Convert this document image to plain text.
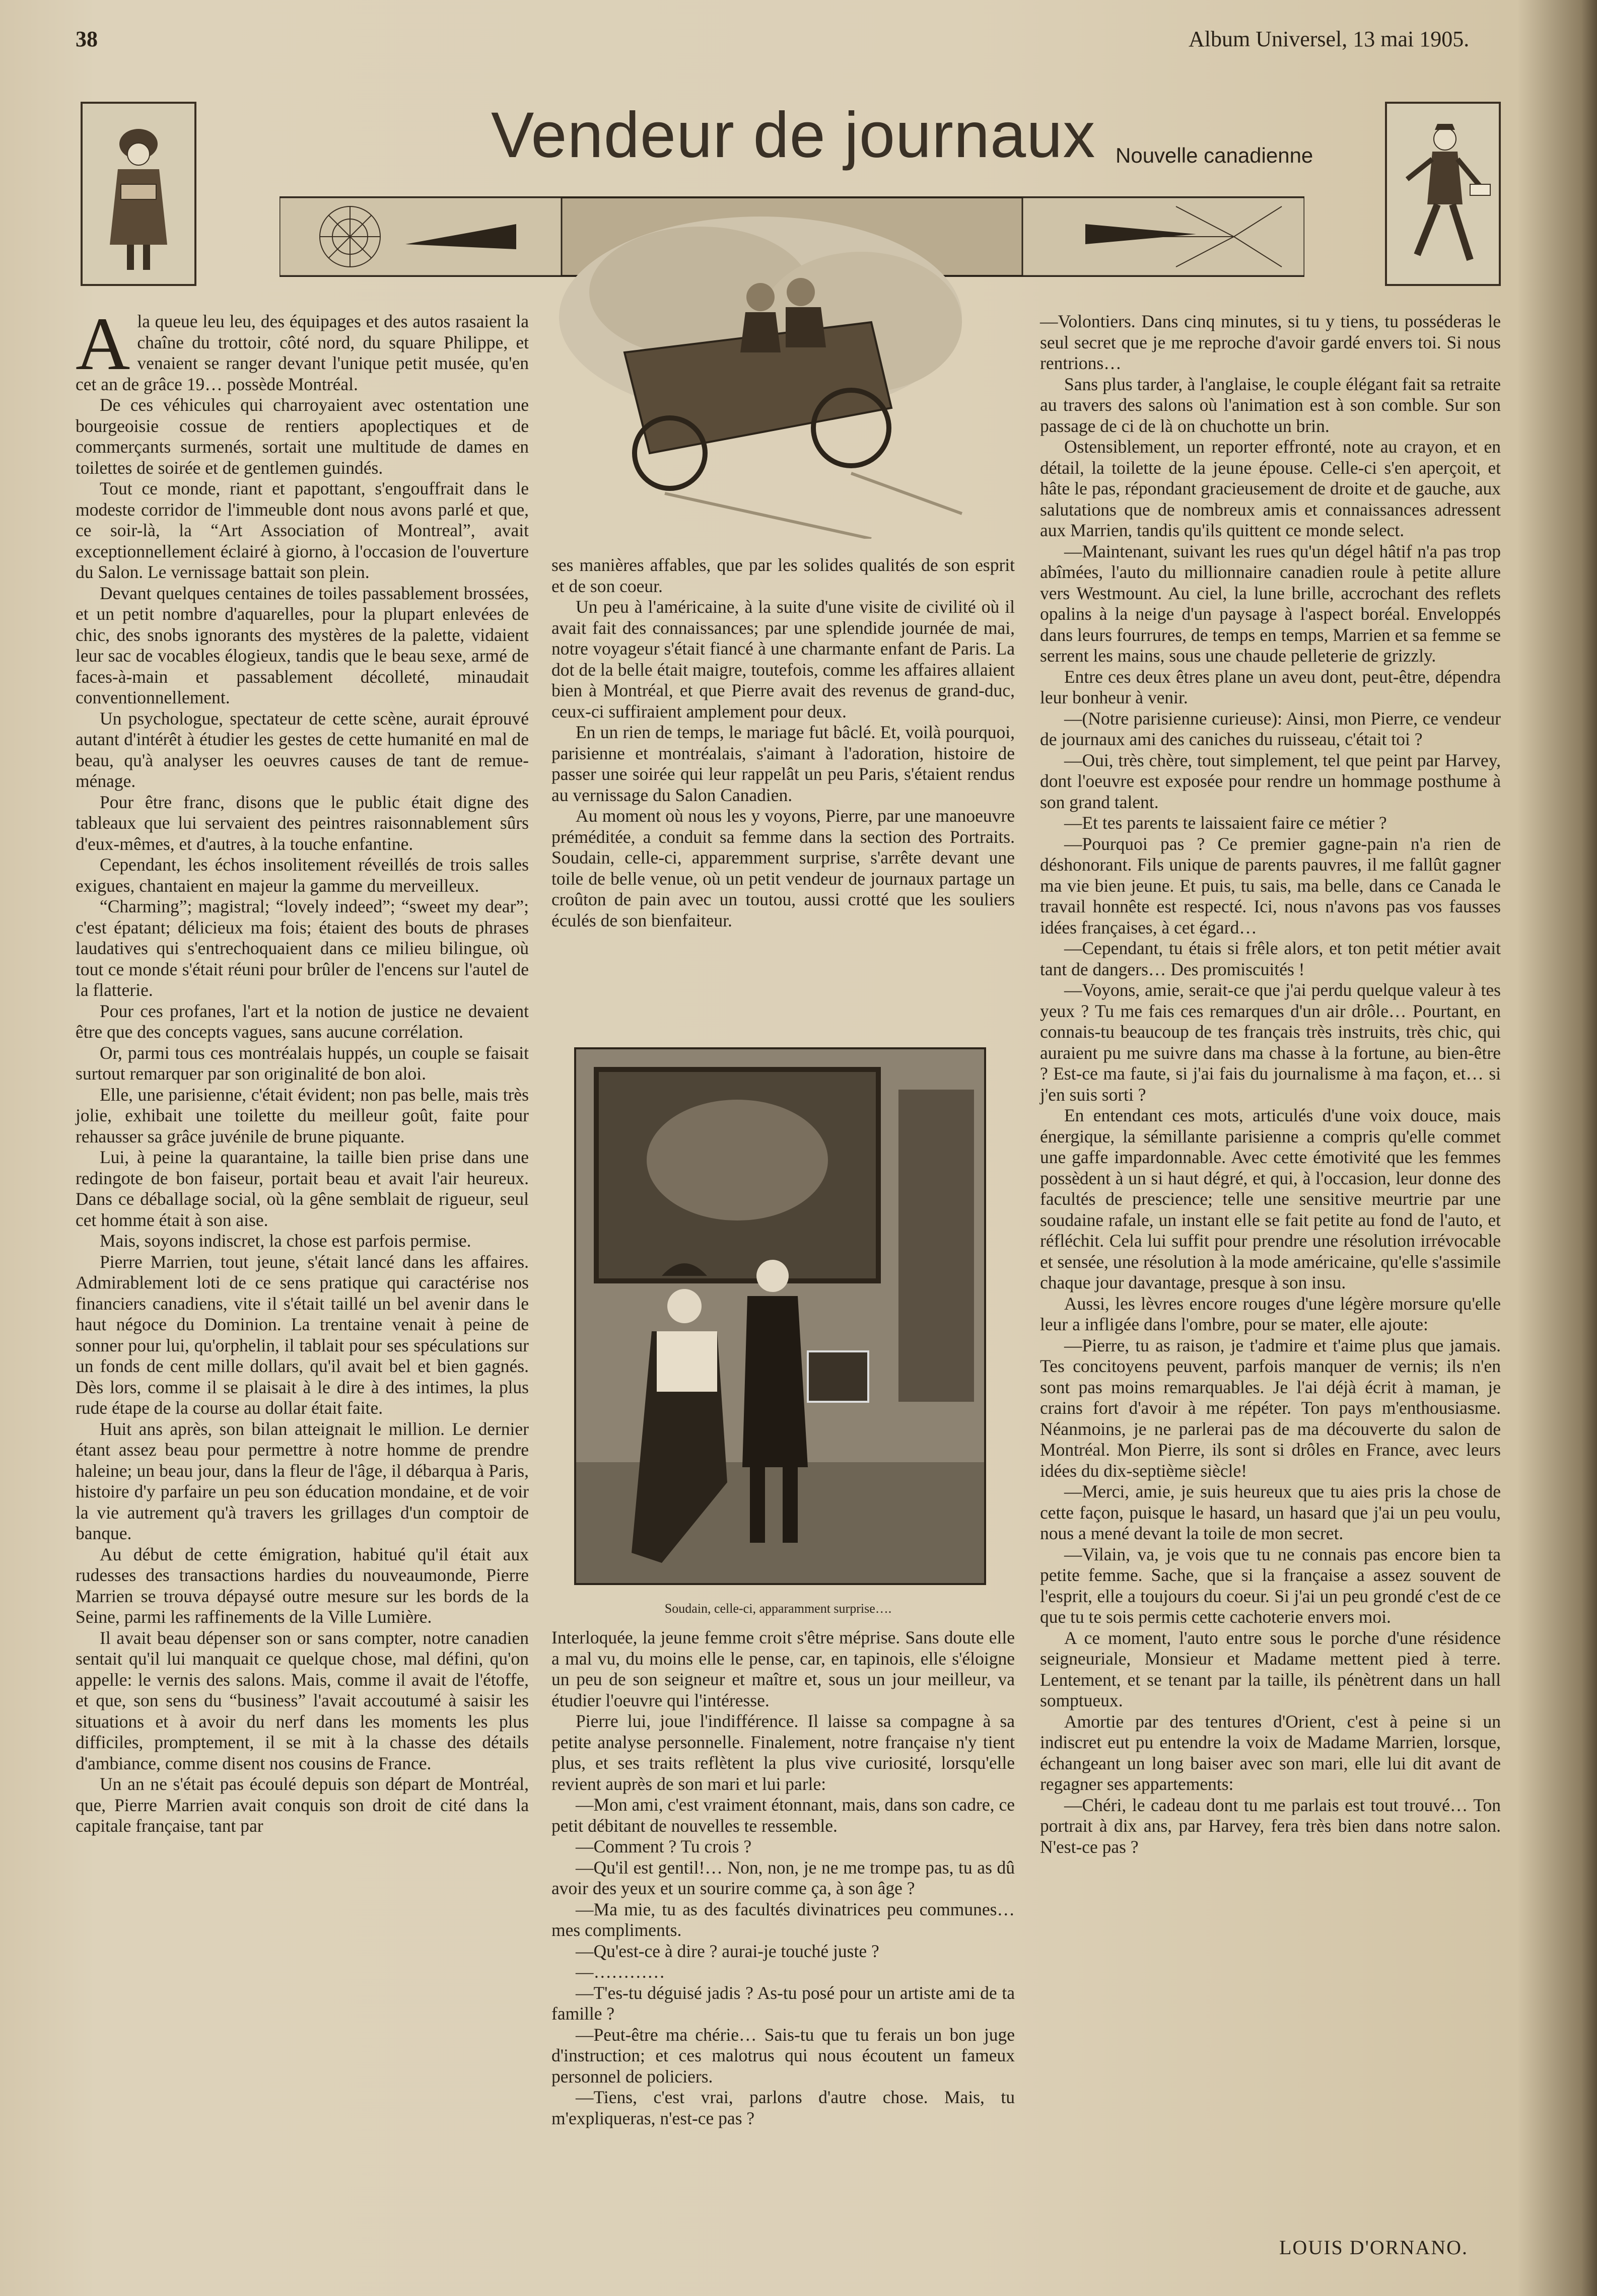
38	Album Universel, 13 mai 1905.
Vendeur de journaux Nouvelle canadienne
A la queue leu leu, des équipages et des autos rasaient la chaîne du trottoir, côté nord, du square Philippe, et venaient se ranger devant l'unique petit musée, qu'en cet an de grâce 19… possède Montréal.

De ces véhicules qui charroyaient avec ostentation une bourgeoisie cossue de rentiers apoplectiques et de commerçants surmenés, sortait une multitude de dames en toilettes de soirée et de gentlemen guindés.

Tout ce monde, riant et papottant, s'engouffrait dans le modeste corridor de l'immeuble dont nous avons parlé et que, ce soir-là, la “Art Association of Montreal”, avait exceptionnellement éclairé à giorno, à l'occasion de l'ouverture du Salon. Le vernissage battait son plein.

Devant quelques centaines de toiles passablement brossées, et un petit nombre d'aquarelles, pour la plupart enlevées de chic, des snobs ignorants des mystères de la palette, vidaient leur sac de vocables élogieux, tandis que le beau sexe, armé de faces-à-main et passablement décolleté, minaudait conventionnellement.

Un psychologue, spectateur de cette scène, aurait éprouvé autant d'intérêt à étudier les gestes de cette humanité en mal de beau, qu'à analyser les oeuvres causes de tant de remue-ménage.

Pour être franc, disons que le public était digne des tableaux que lui servaient des peintres raisonnablement sûrs d'eux-mêmes, et d'autres, à la touche enfantine.

Cependant, les échos insolitement réveillés de trois salles exigues, chantaient en majeur la gamme du merveilleux.

“Charming”; magistral; “lovely indeed”; “sweet my dear”; c'est épatant; délicieux ma fois; étaient des bouts de phrases laudatives qui s'entrechoquaient dans ce milieu bilingue, où tout ce monde s'était réuni pour brûler de l'encens sur l'autel de la flatterie.

Pour ces profanes, l'art et la notion de justice ne devaient être que des concepts vagues, sans aucune corrélation.

Or, parmi tous ces montréalais huppés, un couple se faisait surtout remarquer par son originalité de bon aloi.

Elle, une parisienne, c'était évident; non pas belle, mais très jolie, exhibait une toilette du meilleur goût, faite pour rehausser sa grâce juvénile de brune piquante.

Lui, à peine la quarantaine, la taille bien prise dans une redingote de bon faiseur, portait beau et avait l'air heureux. Dans ce déballage social, où la gêne semblait de rigueur, seul cet homme était à son aise.

Mais, soyons indiscret, la chose est parfois permise.

Pierre Marrien, tout jeune, s'était lancé dans les affaires. Admirablement loti de ce sens pratique qui caractérise nos financiers canadiens, vite il s'était taillé un bel avenir dans le haut négoce du Dominion. La trentaine venait à peine de sonner pour lui, qu'orphelin, il tablait pour ses spéculations sur un fonds de cent mille dollars, qu'il avait bel et bien gagnés. Dès lors, comme il se plaisait à le dire à des intimes, la plus rude étape de la course au dollar était faite.

Huit ans après, son bilan atteignait le million. Le dernier étant assez beau pour permettre à notre homme de prendre haleine; un beau jour, dans la fleur de l'âge, il débarqua à Paris, histoire d'y parfaire un peu son éducation mondaine, et de voir la vie autrement qu'à travers les grillages d'un comptoir de banque.

Au début de cette émigration, habitué qu'il était aux rudesses des transactions hardies du nouveaumonde, Pierre Marrien se trouva dépaysé outre mesure sur les bords de la Seine, parmi les raffinements de la Ville Lumière.

Il avait beau dépenser son or sans compter, notre canadien sentait qu'il lui manquait ce quelque chose, mal défini, qu'on appelle: le vernis des salons. Mais, comme il avait de l'étoffe, et que, son sens du “business” l'avait accoutumé à saisir les situations et à avoir du nerf dans les moments les plus difficiles, promptement, il se mit à la chasse des détails d'ambiance, comme disent nos cousins de France.

Un an ne s'était pas écoulé depuis son départ de Montréal, que, Pierre Marrien avait conquis son droit de cité dans la capitale française, tant par

ses manières affables, que par les solides qualités de son esprit et de son coeur.

Un peu à l'américaine, à la suite d'une visite de civilité où il avait fait des connaissances; par une splendide journée de mai, notre voyageur s'était fiancé à une charmante enfant de Paris. La dot de la belle était maigre, toutefois, comme les affaires allaient bien à Montréal, et que Pierre avait des revenus de grand-duc, ceux-ci suffiraient amplement pour deux.

En un rien de temps, le mariage fut bâclé. Et, voilà pourquoi, parisienne et montréalais, s'aimant à l'adoration, histoire de passer une soirée qui leur rappelât un peu Paris, s'étaient rendus au vernissage du Salon Canadien.

Au moment où nous les y voyons, Pierre, par une manoeuvre préméditée, a conduit sa femme dans la section des Portraits. Soudain, celle-ci, apparemment surprise, s'arrête devant une toile de belle venue, où un petit vendeur de journaux partage un croûton de pain avec un toutou, aussi crotté que les souliers éculés de son bienfaiteur.

Soudain, celle-ci, apparamment surprise….

Interloquée, la jeune femme croit s'être méprise. Sans doute elle a mal vu, du moins elle le pense, car, en tapinois, elle s'éloigne un peu de son seigneur et maître et, sous un jour meilleur, va étudier l'oeuvre qui l'intéresse.

Pierre lui, joue l'indifférence. Il laisse sa compagne à sa petite analyse personnelle. Finalement, notre française n'y tient plus, et ses traits reflètent la plus vive curiosité, lorsqu'elle revient auprès de son mari et lui parle:

—Mon ami, c'est vraiment étonnant, mais, dans son cadre, ce petit débitant de nouvelles te ressemble.

—Comment ? Tu crois ?

—Qu'il est gentil!… Non, non, je ne me trompe pas, tu as dû avoir des yeux et un sourire comme ça, à son âge ?

—Ma mie, tu as des facultés divinatrices peu communes… mes compliments.

—Qu'est-ce à dire ? aurai-je touché juste ?

—…………

—T'es-tu déguisé jadis ? As-tu posé pour un artiste ami de ta famille ?

—Peut-être ma chérie… Sais-tu que tu ferais un bon juge d'instruction; et ces malotrus qui nous écoutent un fameux personnel de policiers.

—Tiens, c'est vrai, parlons d'autre chose. Mais, tu m'expliqueras, n'est-ce pas ?

—Volontiers. Dans cinq minutes, si tu y tiens, tu posséderas le seul secret que je me reproche d'avoir gardé envers toi. Si nous rentrions…

Sans plus tarder, à l'anglaise, le couple élégant fait sa retraite au travers des salons où l'animation est à son comble. Sur son passage de ci de là on chuchotte un brin.

Ostensiblement, un reporter effronté, note au crayon, et en détail, la toilette de la jeune épouse. Celle-ci s'en aperçoit, et hâte le pas, répondant gracieusement de droite et de gauche, aux salutations que de nombreux amis et connaissances adressent aux Marrien, tandis qu'ils quittent ce monde select.

—Maintenant, suivant les rues qu'un dégel hâtif n'a pas trop abîmées, l'auto du millionnaire canadien roule à petite allure vers Westmount. Au ciel, la lune brille, accrochant des reflets opalins à la neige d'un paysage à l'aspect boréal. Enveloppés dans leurs fourrures, de temps en temps, Marrien et sa femme se serrent les mains, sous une chaude pelleterie de grizzly.

Entre ces deux êtres plane un aveu dont, peut-être, dépendra leur bonheur à venir.

—(Notre parisienne curieuse): Ainsi, mon Pierre, ce vendeur de journaux ami des caniches du ruisseau, c'était toi ?

—Oui, très chère, tout simplement, tel que peint par Harvey, dont l'oeuvre est exposée pour rendre un hommage posthume à son grand talent.

—Et tes parents te laissaient faire ce métier ?

—Pourquoi pas ? Ce premier gagne-pain n'a rien de déshonorant. Fils unique de parents pauvres, il me fallût gagner ma vie bien jeune. Et puis, tu sais, ma belle, dans ce Canada le travail honnête est respecté. Ici, nous n'avons pas vos fausses idées françaises, à cet égard…

—Cependant, tu étais si frêle alors, et ton petit métier avait tant de dangers… Des promiscuités !

—Voyons, amie, serait-ce que j'ai perdu quelque valeur à tes yeux ? Tu me fais ces remarques d'un air drôle… Pourtant, en connais-tu beaucoup de tes français très instruits, très chic, qui auraient pu me suivre dans ma chasse à la fortune, au bien-être ? Est-ce ma faute, si j'ai fais du journalisme à ma façon, et… si j'en suis sorti ?

En entendant ces mots, articulés d'une voix douce, mais énergique, la sémillante parisienne a compris qu'elle commet une gaffe impardonnable. Avec cette émotivité que les femmes possèdent à un si haut dégré, et qui, à l'occasion, leur donne des facultés de prescience; telle une sensitive meurtrie par une soudaine rafale, un instant elle se fait petite au fond de l'auto, et réfléchit. Cela lui suffit pour prendre une résolution irrévocable et sensée, une résolution à la mode américaine, qu'elle s'assimile chaque jour davantage, presque à son insu.

Aussi, les lèvres encore rouges d'une légère morsure qu'elle leur a infligée dans l'ombre, pour se mater, elle ajoute:

—Pierre, tu as raison, je t'admire et t'aime plus que jamais. Tes concitoyens peuvent, parfois manquer de vernis; ils n'en sont pas moins remarquables. Je l'ai déjà écrit à maman, je crains fort d'avoir à me répéter. Ton pays m'enthousiasme. Néanmoins, je ne parlerai pas de ma découverte du salon de Montréal. Mon Pierre, ils sont si drôles en France, avec leurs idées du dix-septième siècle!

—Merci, amie, je suis heureux que tu aies pris la chose de cette façon, puisque le hasard, un hasard que j'ai un peu voulu, nous a mené devant la toile de mon secret.

—Vilain, va, je vois que tu ne connais pas encore bien ta petite femme. Sache, que si la française a assez souvent de l'esprit, elle a toujours du coeur. Si j'ai un peu grondé c'est de ce que tu te sois permis cette cachoterie envers moi.

A ce moment, l'auto entre sous le porche d'une résidence seigneuriale, Monsieur et Madame mettent pied à terre. Lentement, et se tenant par la taille, ils pénètrent dans un hall somptueux.

Amortie par des tentures d'Orient, c'est à peine si un indiscret eut pu entendre la voix de Madame Marrien, lorsque, échangeant un long baiser avec son mari, elle lui dit avant de regagner ses appartements:

—Chéri, le cadeau dont tu me parlais est tout trouvé… Ton portrait à dix ans, par Harvey, fera très bien dans notre salon. N'est-ce pas ?

LOUIS D'ORNANO.
